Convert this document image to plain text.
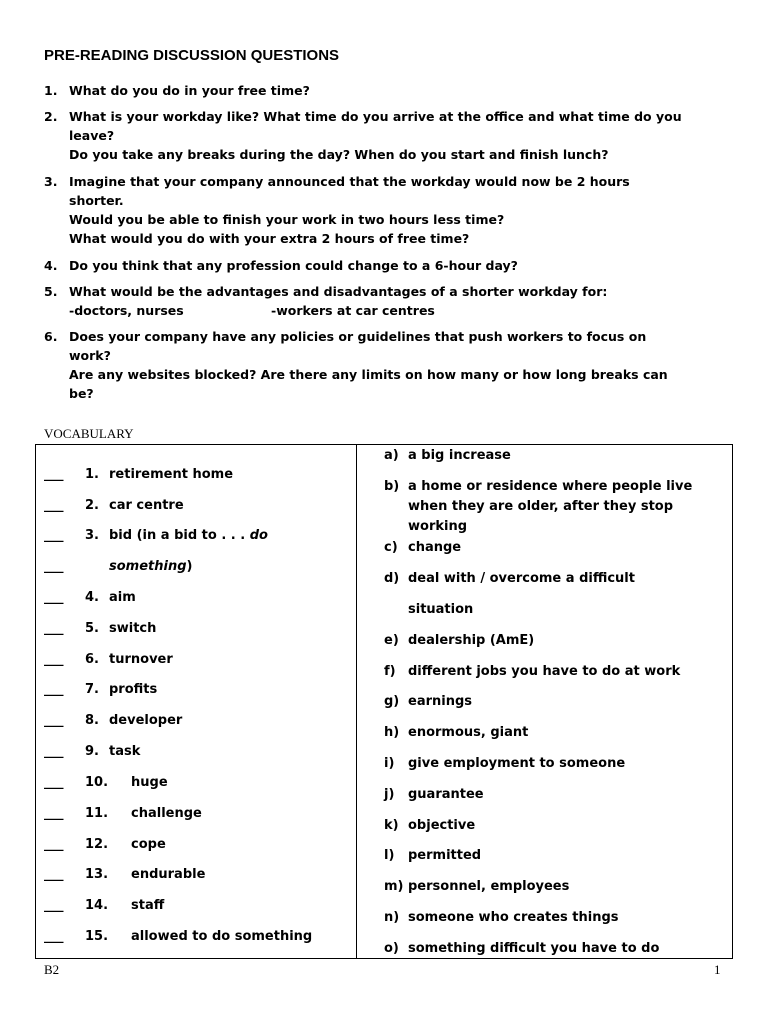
PRE-READING DISCUSSION QUESTIONS
1. What do you do in your free time?
2. What is your workday like? What time do you arrive at the office and what time do you
leave?
Do you take any breaks during the day? When do you start and finish lunch?
3. Imagine that your company announced that the workday would now be 2 hours
shorter.
Would you be able to finish your work in two hours less time?
What would you do with your extra 2 hours of free time?
4. Do you think that any profession could change to a 6-hour day?
5. What would be the advantages and disadvantages of a shorter workday for:
-doctors, nurses	-workers at car centres
6. Does your company have any policies or guidelines that push workers to focus on
work?
Are any websites blocked? Are there any limits on how many or how long breaks can
be?
VOCABULARY
___ 1. retirement home
___ 2. car centre
___ 3. bid (in a bid to . . . do
___	something)
___ 4. aim
___ 5. switch
___ 6. turnover
___ 7. profits
___ 8. developer
___ 9. task
___ 10. huge
___ 11. challenge
___ 12. cope
___ 13. endurable
___ 14. staff
___ 15. allowed to do something
a) a big increase
b) a home or residence where people live when they are older, after they stop working
c) change
d) deal with / overcome a difficult
situation
e) dealership (AmE)
f) different jobs you have to do at work
g) earnings
h) enormous, giant
i) give employment to someone
j) guarantee
k) objective
l) permitted
m) personnel, employees
n) someone who creates things
o) something difficult you have to do
B2	1
